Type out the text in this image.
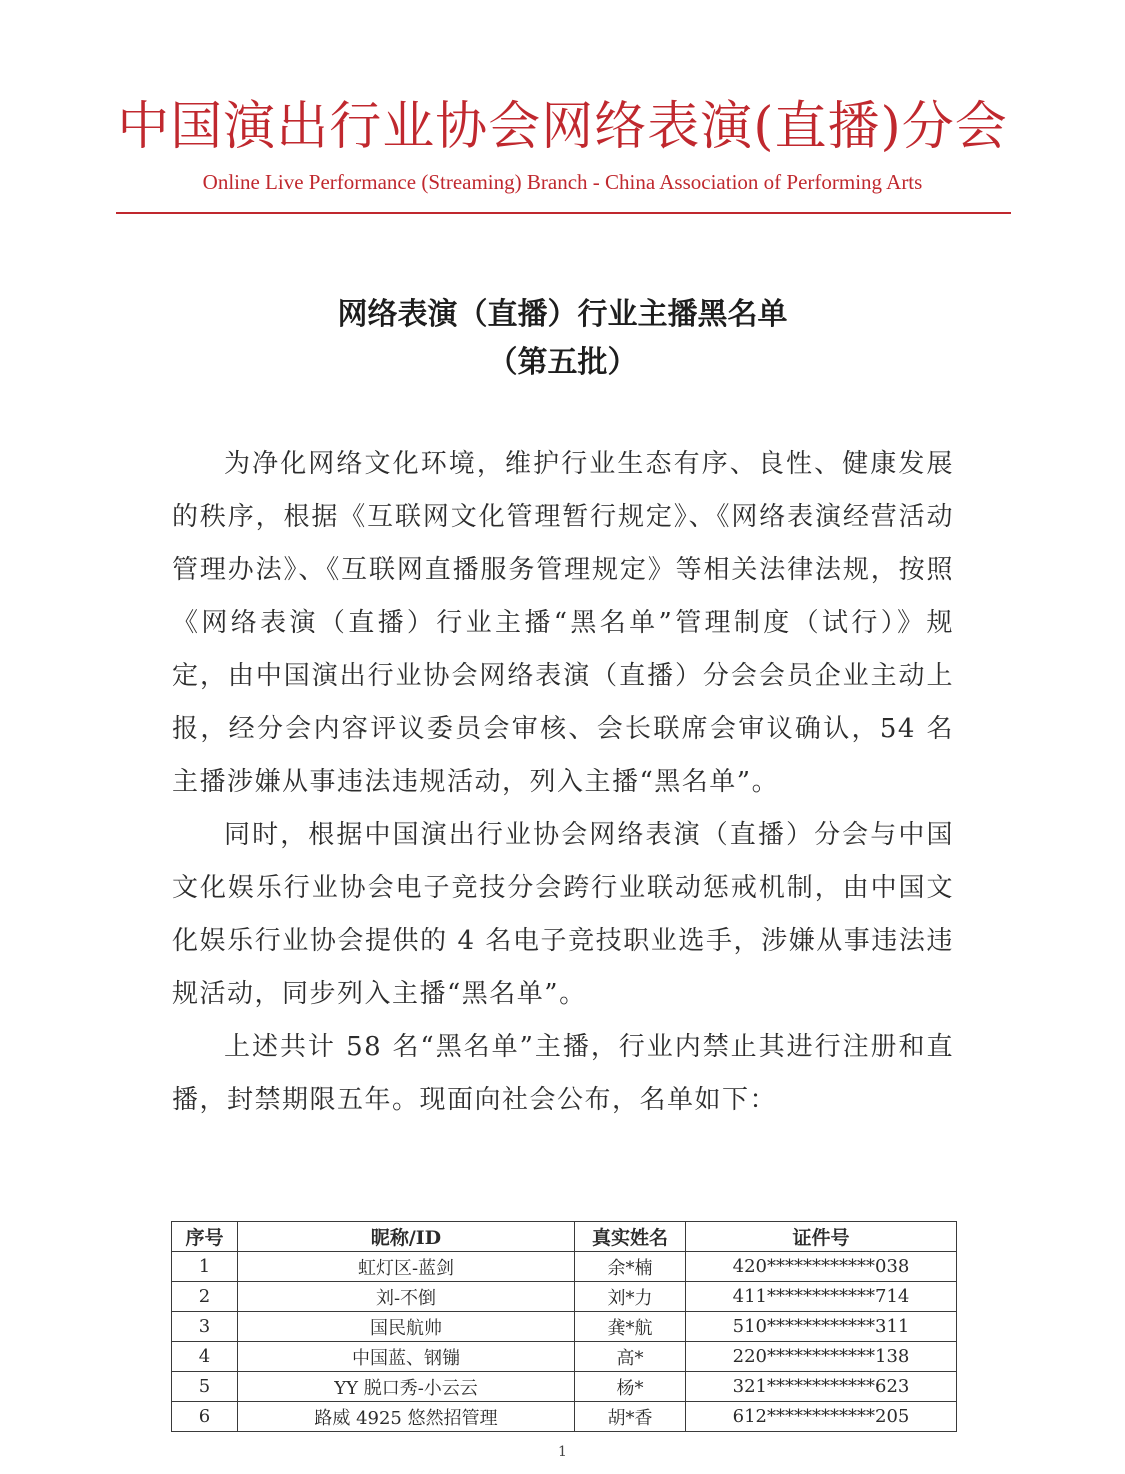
中国演出行业协会网络表演(直播)分会
Online Live Performance (Streaming) Branch - China Association of Performing Arts
网络表演（直播）行业主播黑名单
（第五批）

为净化网络文化环境，维护行业生态有序、良性、健康发展的秩序，根据《互联网文化管理暂行规定》、《网络表演经营活动管理办法》、《互联网直播服务管理规定》等相关法律法规，按照《网络表演（直播）行业主播“黑名单”管理制度（试行）》规定，由中国演出行业协会网络表演（直播）分会会员企业主动上报，经分会内容评议委员会审核、会长联席会审议确认，54 名主播涉嫌从事违法违规活动，列入主播“黑名单”。

同时，根据中国演出行业协会网络表演（直播）分会与中国文化娱乐行业协会电子竞技分会跨行业联动惩戒机制，由中国文化娱乐行业协会提供的 4 名电子竞技职业选手，涉嫌从事违法违规活动，同步列入主播“黑名单”。

上述共计 58 名“黑名单”主播，行业内禁止其进行注册和直播，封禁期限五年。现面向社会公布，名单如下：

序号	昵称/ID	真实姓名	证件号
1	虹灯区-蓝剑	余*楠	420************038
2	刘-不倒	刘*力	411************714
3	国民航帅	龚*航	510************311
4	中国蓝、钢镚	高*	220************138
5	YY 脱口秀-小云云	杨*	321************623
6	路威 4925 悠然招管理	胡*香	612************205
1
